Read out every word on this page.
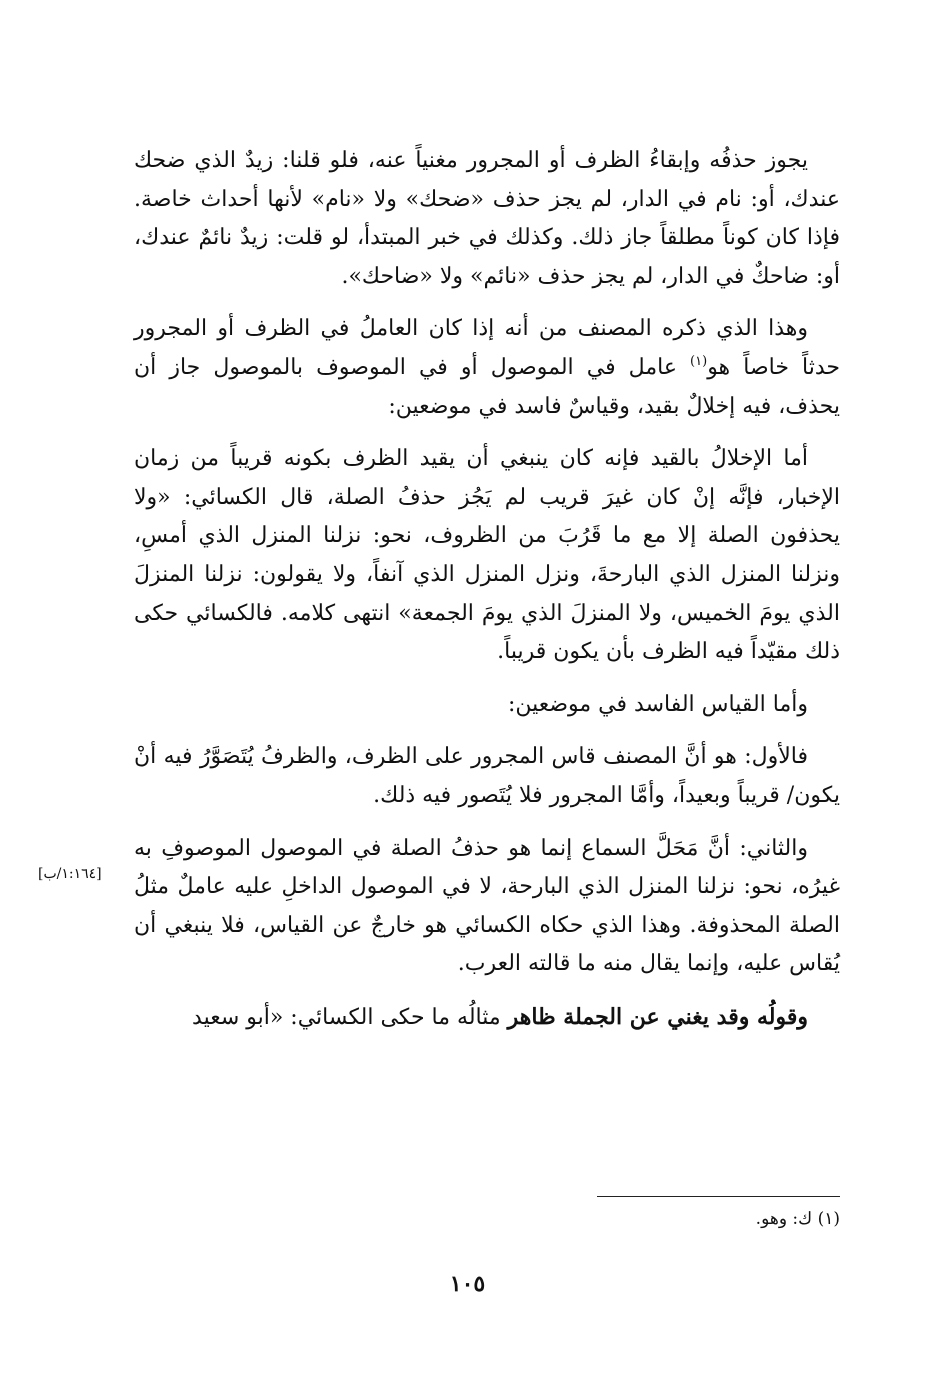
يجوز حذفُه وإبقاءُ الظرف أو المجرور مغنياً عنه، فلو قلنا: زيدٌ الذي ضحك عندك، أو: نام في الدار، لم يجز حذف «ضحك» ولا «نام» لأنها أحداث خاصة. فإذا كان كوناً مطلقاً جاز ذلك. وكذلك في خبر المبتدأ، لو قلت: زيدٌ نائمٌ عندك، أو: ضاحكٌ في الدار، لم يجز حذف «نائم» ولا «ضاحك».

وهذا الذي ذكره المصنف من أنه إذا كان العاملُ في الظرف أو المجرور حدثاً خاصاً هو$^{(١)}$ عامل في الموصول أو في الموصوف بالموصول جاز أن يحذف، فيه إخلالٌ بقيد، وقياسٌ فاسد في موضعين:

أما الإخلالُ بالقيد فإنه كان ينبغي أن يقيد الظرف بكونه قريباً من زمان الإخبار، فإنَّه إنْ كان غيرَ قريب لم يَجُز حذفُ الصلة، قال الكسائي: «ولا يحذفون الصلة إلا مع ما قَرُبَ من الظروف، نحو: نزلنا المنزل الذي أمسِ، ونزلنا المنزل الذي البارحةَ، ونزل المنزل الذي آنفاً، ولا يقولون: نزلنا المنزلَ الذي يومَ الخميس، ولا المنزلَ الذي يومَ الجمعة» انتهى كلامه. فالكسائي حكى ذلك مقيّداً فيه الظرف بأن يكون قريباً.

وأما القياس الفاسد في موضعين:

فالأول: هو أنَّ المصنف قاس المجرور على الظرف، والظرفُ يُتَصَوَّرُ فيه أنْ يكون/ قريباً وبعيداً، وأمَّا المجرور فلا يُتَصور فيه ذلك.

والثاني: أنَّ مَحَلَّ السماع إنما هو حذفُ الصلة في الموصول الموصوفِ به غيرُه، نحو: نزلنا المنزل الذي البارحة، لا في الموصول الداخلِ عليه عاملٌ مثلُ الصلة المحذوفة. وهذا الذي حكاه الكسائي هو خارجٌ عن القياس، فلا ينبغي أن يُقاس عليه، وإنما يقال منه ما قالته العرب.

وقولُه وقد يغني عن الجملة ظاهر مثالُه ما حكى الكسائي: «أبو سعيد

[١:١٦٤/ب]
(١) ك: وهو.
١٠٥
